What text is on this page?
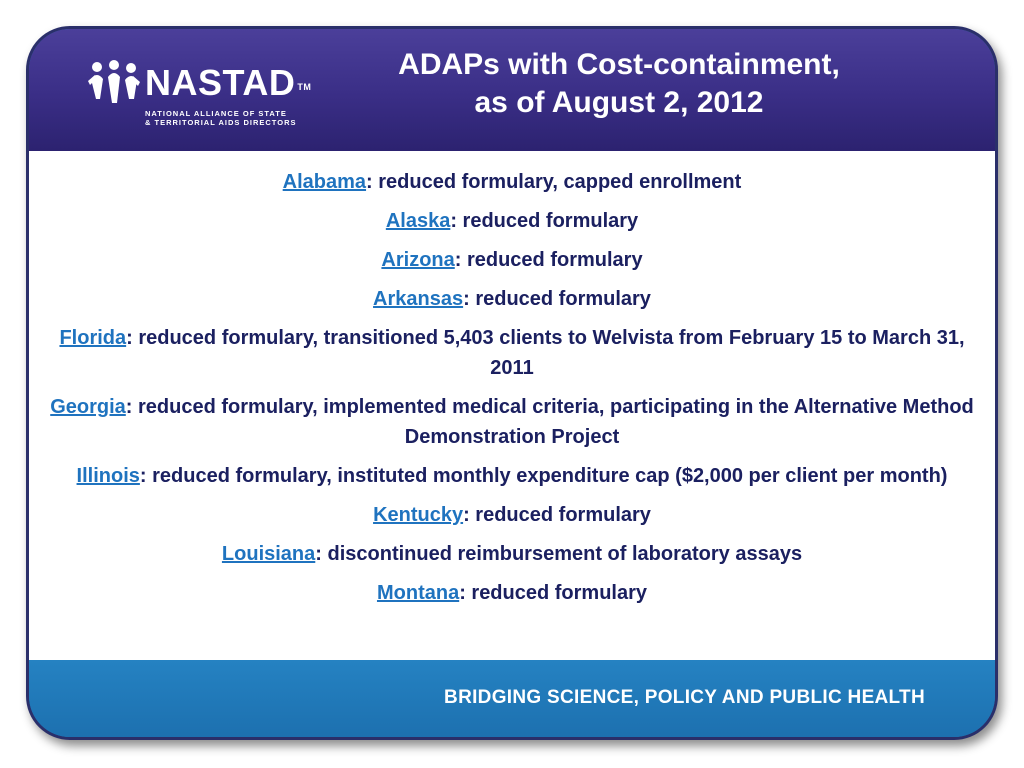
NASTAD ™
NATIONAL ALLIANCE OF STATE
& TERRITORIAL AIDS DIRECTORS
ADAPs with Cost-containment,
as of August 2, 2012
Alabama: reduced formulary, capped enrollment
Alaska: reduced formulary
Arizona: reduced formulary
Arkansas: reduced formulary
Florida: reduced formulary, transitioned 5,403 clients to Welvista from February 15 to March 31, 2011
Georgia: reduced formulary, implemented medical criteria, participating in the Alternative Method Demonstration Project
Illinois: reduced formulary, instituted monthly expenditure cap ($2,000 per client per month)
Kentucky: reduced formulary
Louisiana: discontinued reimbursement of laboratory assays
Montana: reduced formulary
BRIDGING SCIENCE, POLICY AND PUBLIC HEALTH
